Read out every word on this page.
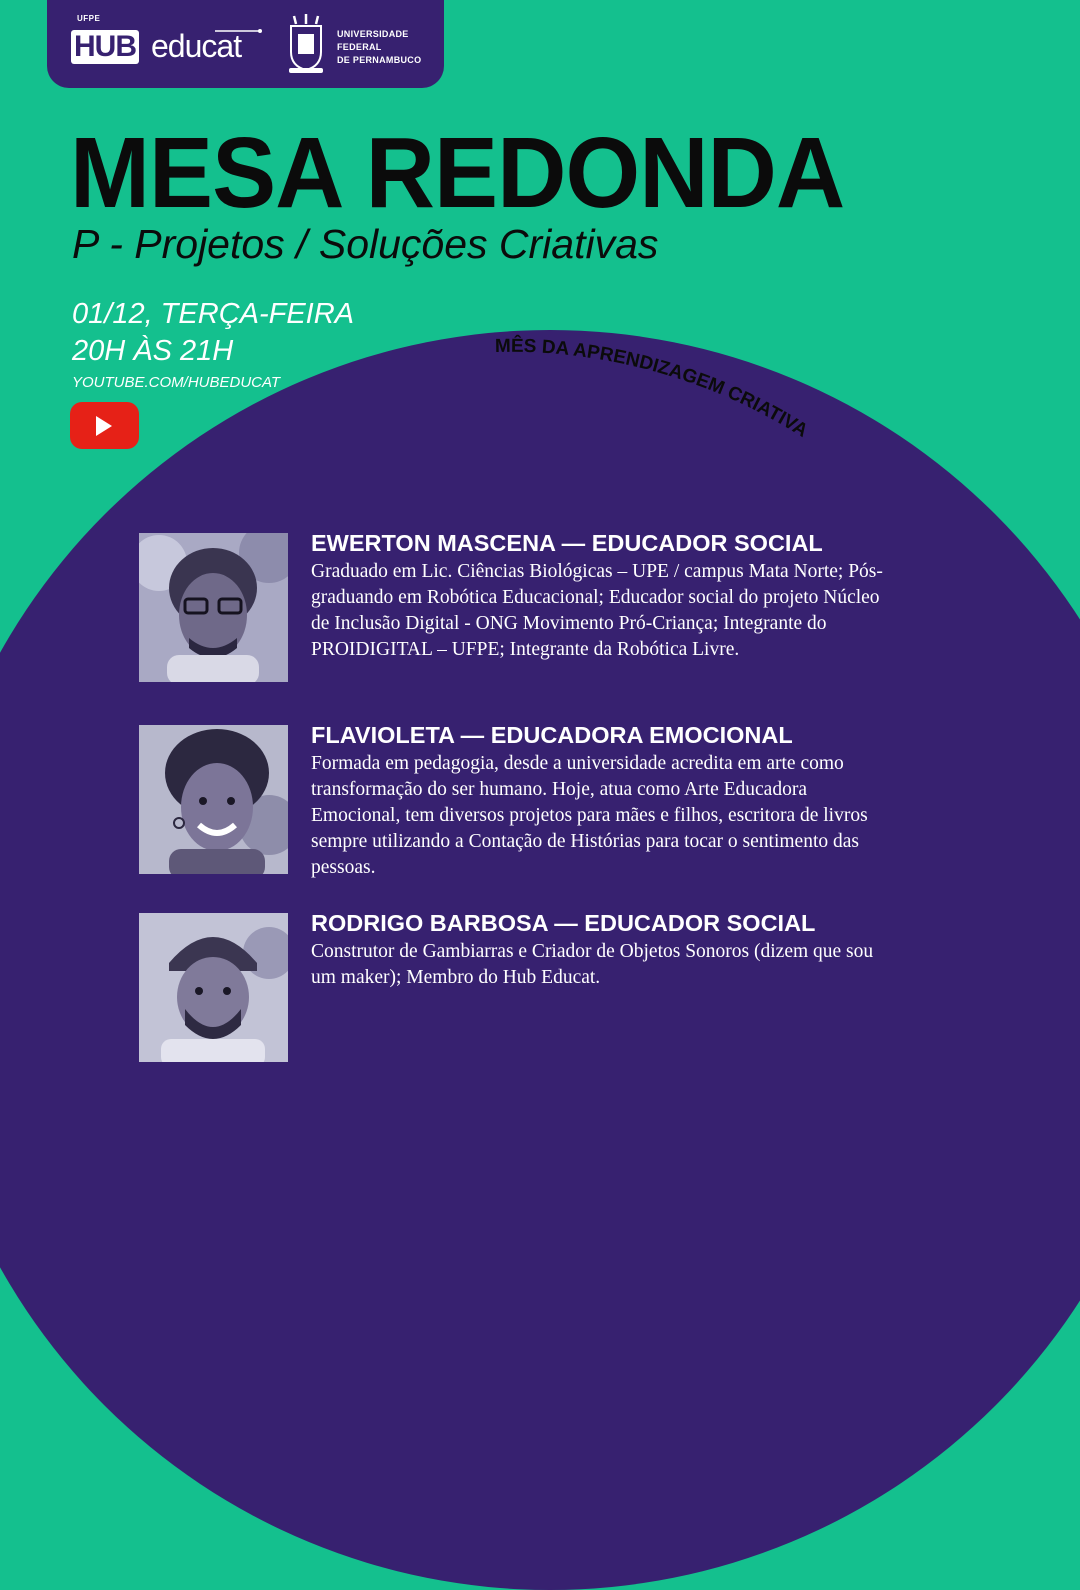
UFPE
HUB educat	UNIVERSIDADE
FEDERAL
DE PERNAMBUCO
MESA REDONDA
P - Projetos / Soluções Criativas
01/12, TERÇA-FEIRA
20H ÀS 21H
YOUTUBE.COM/HUBEDUCAT
MÊS DA APRENDIZAGEM CRIATIVA
EWERTON MASCENA — EDUCADOR SOCIAL
Graduado em Lic. Ciências Biológicas – UPE / campus Mata Norte; Pós-graduando em Robótica Educacional; Educador social do projeto Núcleo de Inclusão Digital - ONG Movimento Pró-Criança; Integrante do PROIDIGITAL – UFPE; Integrante da Robótica Livre.
FLAVIOLETA — EDUCADORA EMOCIONAL
Formada em pedagogia, desde a universidade acredita em arte como transformação do ser humano. Hoje, atua como Arte Educadora Emocional, tem diversos projetos para mães e filhos, escritora de livros sempre utilizando a Contação de Histórias para tocar o sentimento das pessoas.
RODRIGO BARBOSA — EDUCADOR SOCIAL
Construtor de Gambiarras e Criador de Objetos Sonoros (dizem que sou um maker); Membro do Hub Educat.
